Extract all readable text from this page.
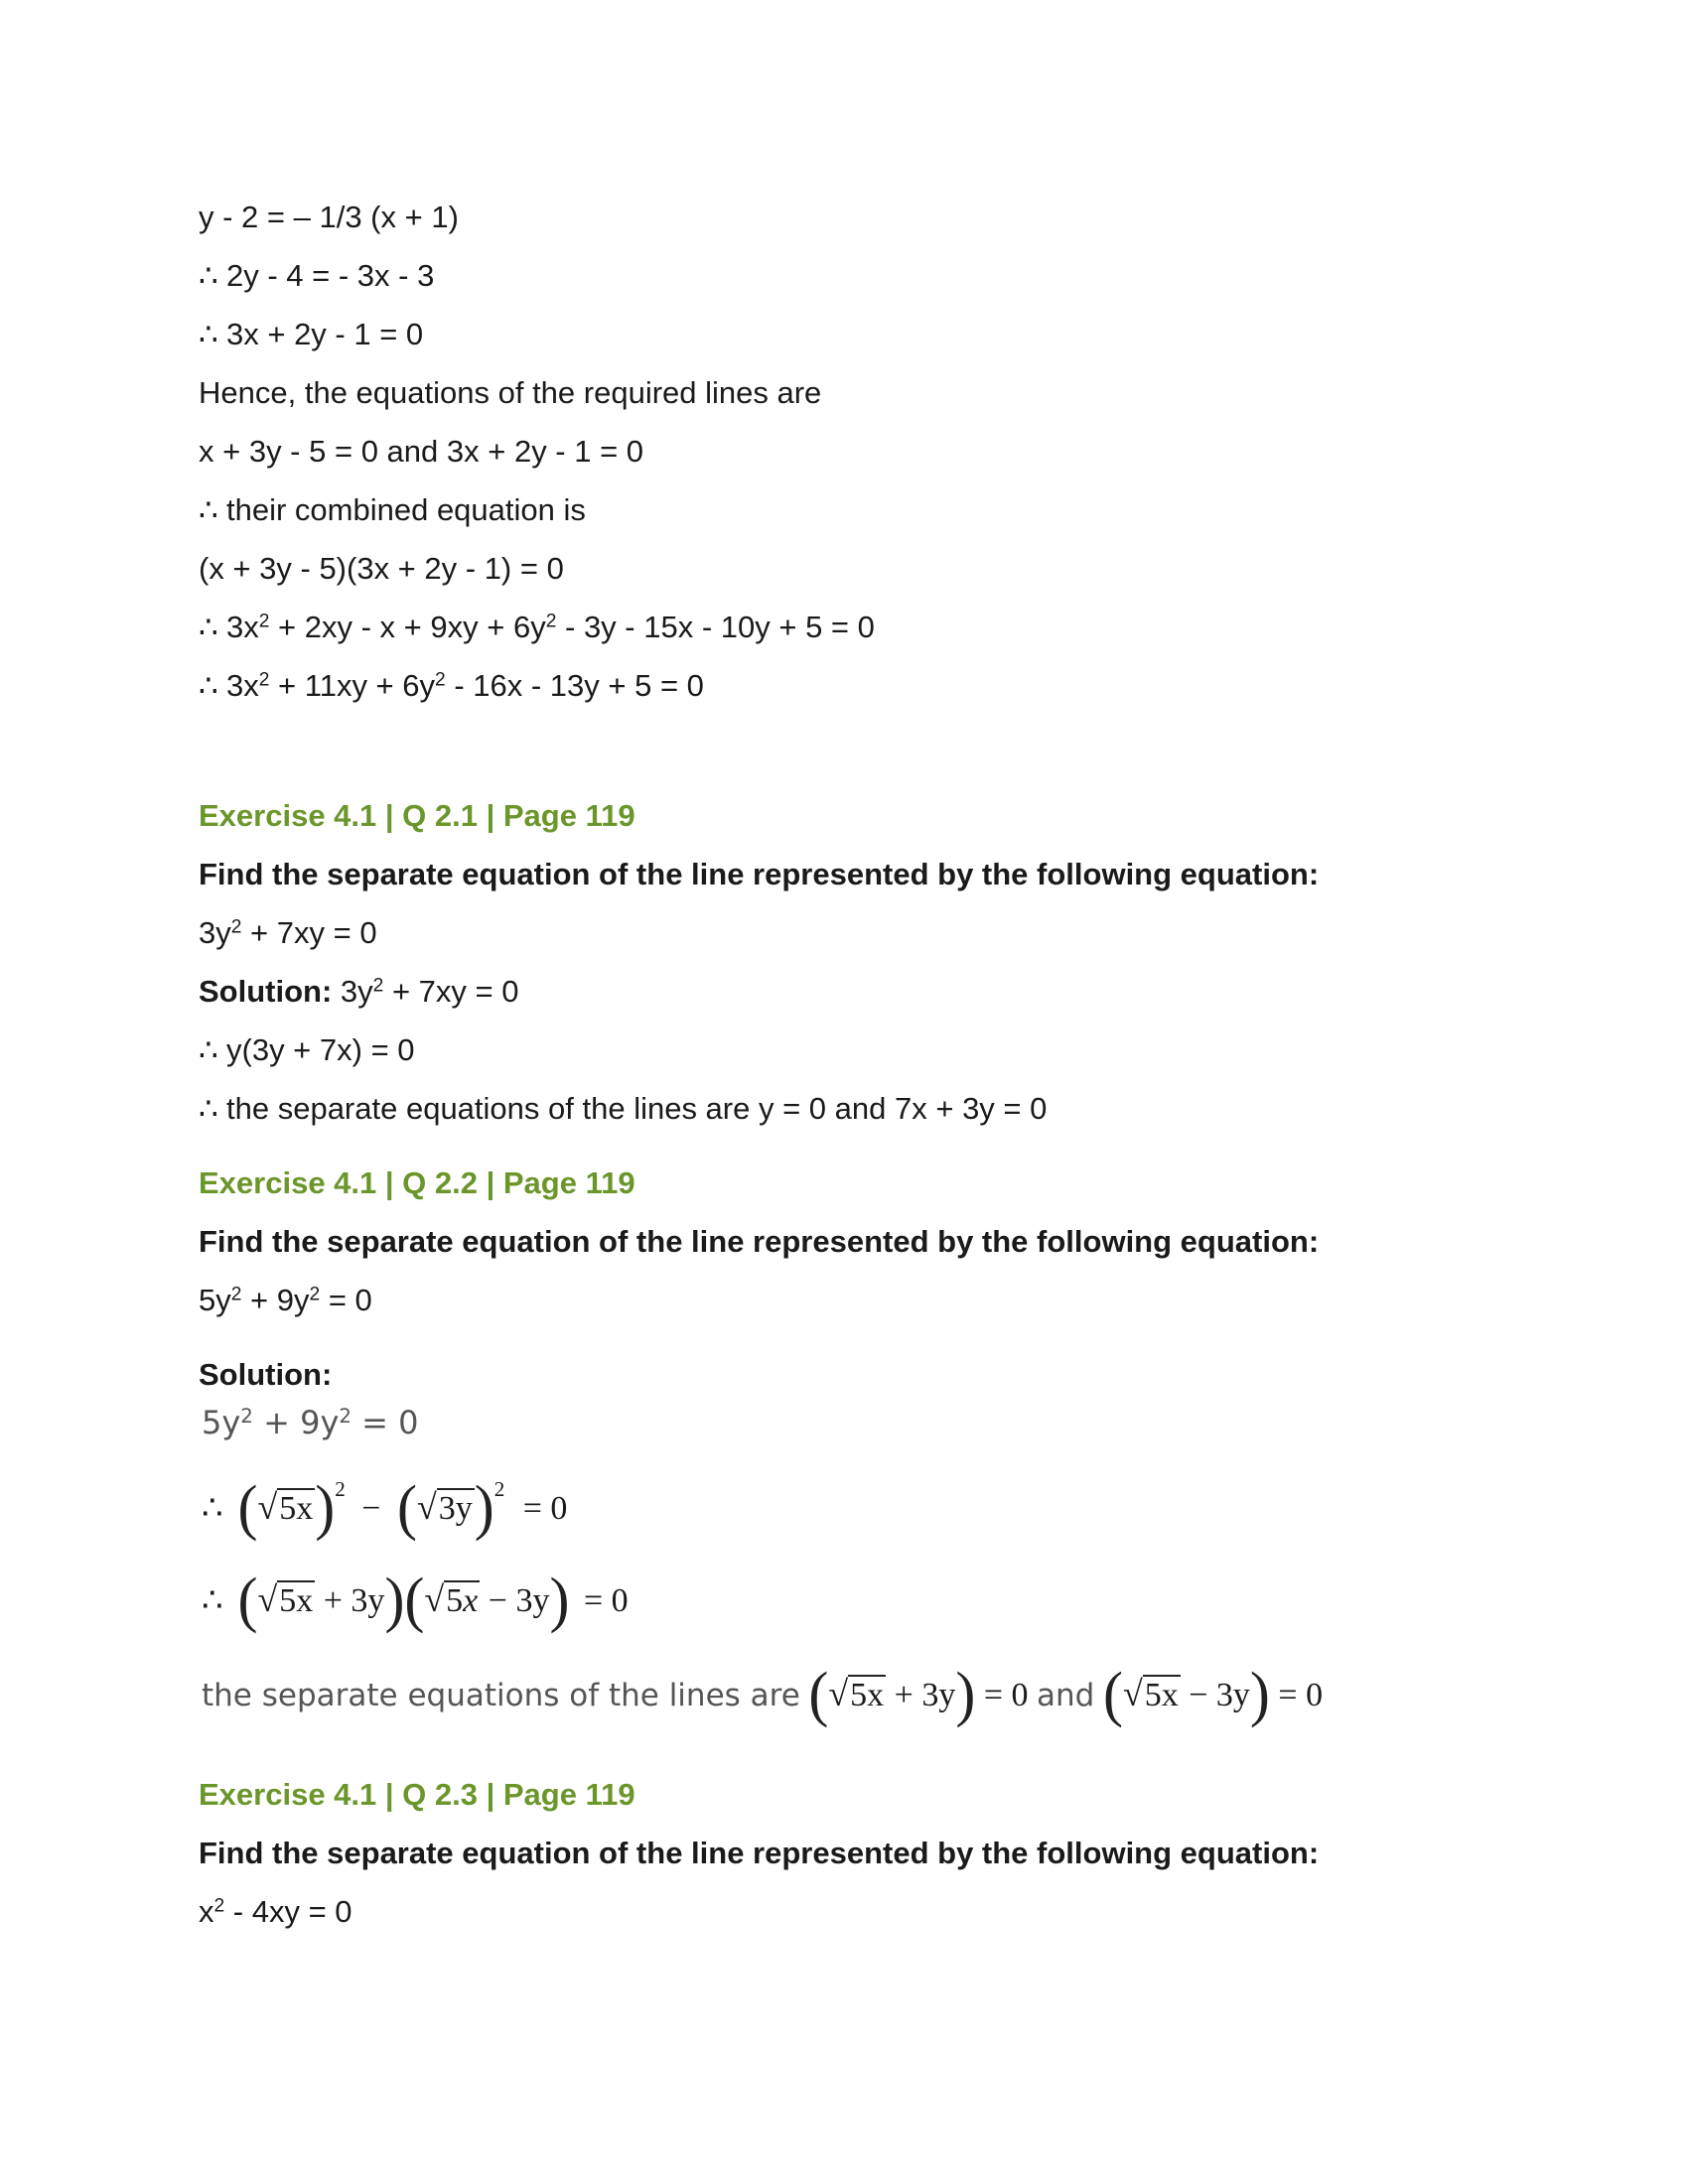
y - 2 = – 1/3 (x + 1)
∴ 2y - 4 = - 3x - 3
∴ 3x + 2y - 1 = 0
Hence, the equations of the required lines are
x + 3y - 5 = 0 and 3x + 2y - 1 = 0
∴ their combined equation is
(x + 3y - 5)(3x + 2y - 1) = 0
∴ $3x^2 + 2xy - x + 9xy + 6y^2 - 3y - 15x - 10y + 5 = 0$
∴ $3x^2 + 11xy + 6y^2 - 16x - 13y + 5 = 0$
Exercise 4.1 | Q 2.1 | Page 119
Find the separate equation of the line represented by the following equation:
$3y^2 + 7xy = 0$
Solution: $3y^2 + 7xy = 0$
∴ y(3y + 7x) = 0
∴ the separate equations of the lines are y = 0 and 7x + 3y = 0
Exercise 4.1 | Q 2.2 | Page 119
Find the separate equation of the line represented by the following equation:
$5y^2 + 9y^2 = 0$
Solution:
$5y^2 + 9y^2 = 0$
∴ $(√5x)^2 - (√3y)^2 = 0$
∴ (√5x + 3y)(√5x − 3y) = 0
the separate equations of the lines are (√5x + 3y) = 0 and (√5x − 3y) = 0
Exercise 4.1 | Q 2.3 | Page 119
Find the separate equation of the line represented by the following equation:
$x^2 - 4xy = 0$
